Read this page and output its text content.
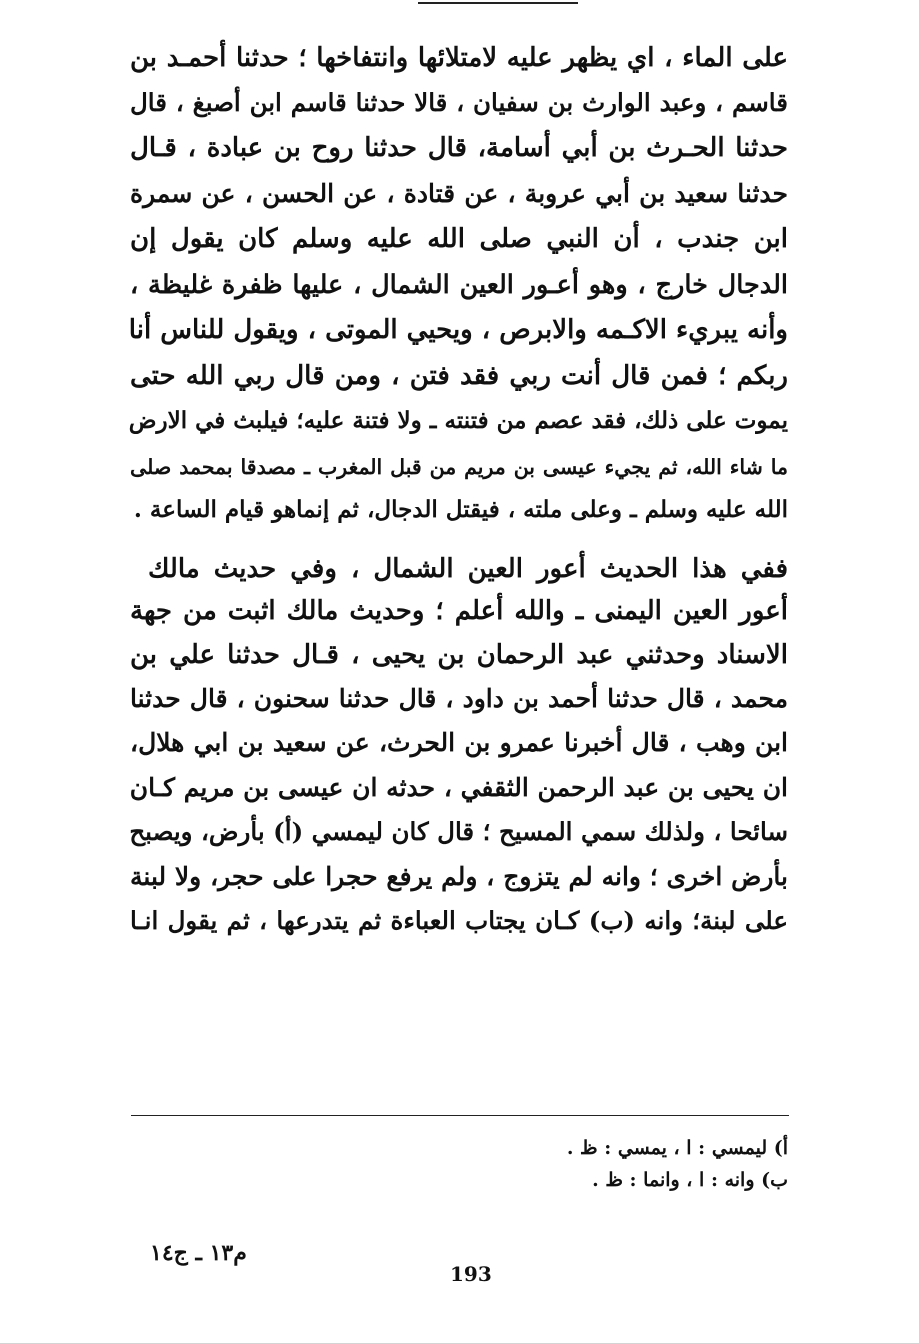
على الماء ، اي يظهر عليه لامتلائها وانتفاخها ؛ حدثنا أحمـد بن
قاسم ، وعبد الوارث بن سفيان ، قالا حدثنا قاسم ابن أصبغ ، قال
حدثنا الحـرث بن أبي أسامة، قال حدثنا روح بن عبادة ، قـال
حدثنا سعيد بن أبي عروبة ، عن قتادة ، عن الحسن ، عن سمرة
ابن جندب ، أن النبي صلى الله عليه وسلم كان يقول إن
الدجال خارج ، وهو أعـور العين الشمال ، عليها ظفرة غليظة ،
وأنه يبريء الاكـمه والابرص ، ويحيي الموتى ، ويقول للناس أنا
ربكم ؛ فمن قال أنت ربي فقد فتن ، ومن قال ربي الله حتى
يموت على ذلك، فقد عصم من فتنته ـ ولا فتنة عليه؛ فيلبث في الارض
ما شاء الله، ثم يجيء عيسى بن مريم من قبل المغرب ـ مصدقا بمحمد صلى
الله عليه وسلم ـ وعلى ملته ، فيقتل الدجال، ثم إنماهو قيام الساعة .
ففي هذا الحديث أعور العين الشمال ، وفي حديث مالك
أعور العين اليمنى ـ والله أعلم ؛ وحديث مالك اثبت من جهة
الاسناد وحدثني عبد الرحمان بن يحيى ، قـال حدثنا علي بن
محمد ، قال حدثنا أحمد بن داود ، قال حدثنا سحنون ، قال حدثنا
ابن وهب ، قال أخبرنا عمرو بن الحرث، عن سعيد بن ابي هلال،
ان يحيى بن عبد الرحمن الثقفي ، حدثه ان عيسى بن مريم كـان
سائحا ، ولذلك سمي المسيح ؛ قال كان ليمسي (أ) بأرض، ويصبح
بأرض اخرى ؛ وانه لم يتزوج ، ولم يرفع حجرا على حجر، ولا لبنة
على لبنة؛ وانه (ب) كـان يجتاب العباءة ثم يتدرعها ، ثم يقول انـا
أ) ليمسي : ا ، يمسي : ظ .
ب) وانه : ا ، وانما : ظ .
م١٣ ـ ج١٤
193
